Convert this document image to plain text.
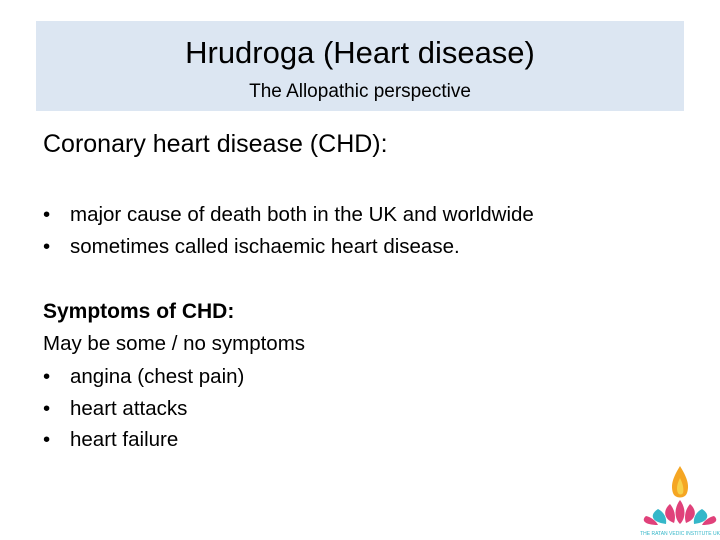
Hrudroga (Heart disease)
The Allopathic perspective
Coronary heart disease (CHD):
• major cause of death both in the UK and worldwide
• sometimes called ischaemic heart disease.
Symptoms of CHD:
May be some / no symptoms
• angina (chest pain)
• heart attacks
• heart failure
THE RATAN VEDIC INSTITUTE UK
